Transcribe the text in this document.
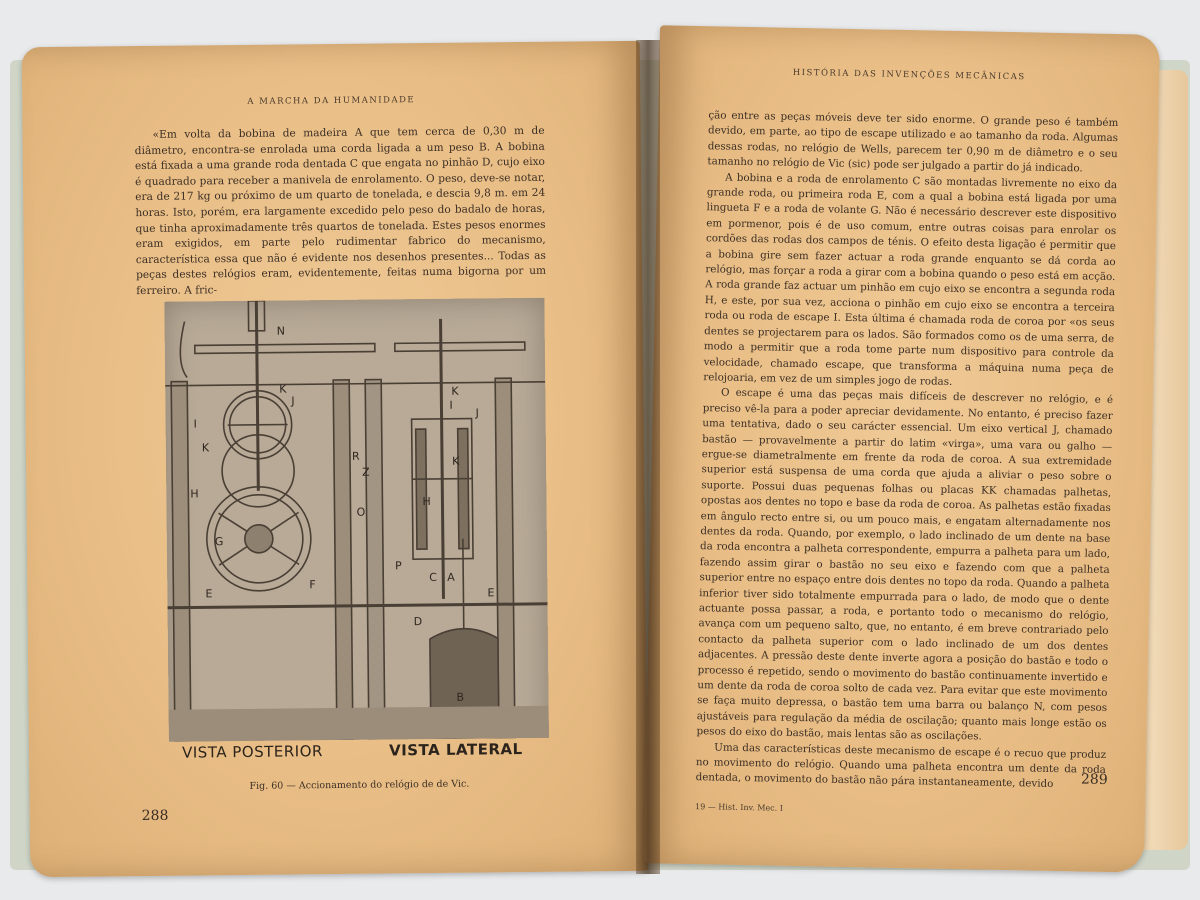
A MARCHA DA HUMANIDADE

«Em volta da bobina de madeira A que tem cerca de 0,30 m de diâmetro, encontra-se enrolada uma corda ligada a um peso B. A bobina está fixada a uma grande roda dentada C que engata no pinhão D, cujo eixo é quadrado para receber a manivela de enrolamento. O peso, deve-se notar, era de 217 kg ou próximo de um quarto de tonelada, e descia 9,8 m. em 24 horas. Isto, porém, era largamente excedido pelo peso do badalo de horas, que tinha aproximadamente três quartos de tonelada. Estes pesos enormes eram exigidos, em parte pelo rudimentar fabrico do mecanismo, característica essa que não é evidente nos desenhos presentes... Todas as peças destes relógios eram, evidentemente, feitas numa bigorna por um ferreiro. A fric-

N
K
J
I
K
R
Z
H
G
O
E
F
K
H
P
C A
D
B
E
K
J
I
VISTA POSTERIOR	VISTA LATERAL
Fig. 60 — Accionamento do relógio de de Vic.
288
HISTÓRIA DAS INVENÇÕES MECÂNICAS

ção entre as peças móveis deve ter sido enorme. O grande peso é também devido, em parte, ao tipo de escape utilizado e ao tamanho da roda. Algumas dessas rodas, no relógio de Wells, parecem ter 0,90 m de diâmetro e o seu tamanho no relógio de Vic (sic) pode ser julgado a partir do já indicado.

A bobina e a roda de enrolamento C são montadas livremente no eixo da grande roda, ou primeira roda E, com a qual a bobina está ligada por uma lingueta F e a roda de volante G. Não é necessário descrever este dispositivo em pormenor, pois é de uso comum, entre outras coisas para enrolar os cordões das rodas dos campos de ténis. O efeito desta ligação é permitir que a bobina gire sem fazer actuar a roda grande enquanto se dá corda ao relógio, mas forçar a roda a girar com a bobina quando o peso está em acção. A roda grande faz actuar um pinhão em cujo eixo se encontra a segunda roda H, e este, por sua vez, acciona o pinhão em cujo eixo se encontra a terceira roda ou roda de escape I. Esta última é chamada roda de coroa por «os seus dentes se projectarem para os lados. São formados como os de uma serra, de modo a permitir que a roda tome parte num dispositivo para controle da velocidade, chamado escape, que transforma a máquina numa peça de relojoaria, em vez de um simples jogo de rodas.

O escape é uma das peças mais difíceis de descrever no relógio, e é preciso vê-la para a poder apreciar devidamente. No entanto, é preciso fazer uma tentativa, dado o seu carácter essencial. Um eixo vertical J, chamado bastão — provavelmente a partir do latim «virga», uma vara ou galho — ergue-se diametralmente em frente da roda de coroa. A sua extremidade superior está suspensa de uma corda que ajuda a aliviar o peso sobre o suporte. Possui duas pequenas folhas ou placas KK chamadas palhetas, opostas aos dentes no topo e base da roda de coroa. As palhetas estão fixadas em ângulo recto entre si, ou um pouco mais, e engatam alternadamente nos dentes da roda. Quando, por exemplo, o lado inclinado de um dente na base da roda encontra a palheta correspondente, empurra a palheta para um lado, fazendo assim girar o bastão no seu eixo e fazendo com que a palheta superior entre no espaço entre dois dentes no topo da roda. Quando a palheta inferior tiver sido totalmente empurrada para o lado, de modo que o dente actuante possa passar, a roda, e portanto todo o mecanismo do relógio, avança com um pequeno salto, que, no entanto, é em breve contrariado pelo contacto da palheta superior com o lado inclinado de um dos dentes adjacentes. A pressão deste dente inverte agora a posição do bastão e todo o processo é repetido, sendo o movimento do bastão continuamente invertido e um dente da roda de coroa solto de cada vez. Para evitar que este movimento se faça muito depressa, o bastão tem uma barra ou balanço N, com pesos ajustáveis para regulação da média de oscilação; quanto mais longe estão os pesos do eixo do bastão, mais lentas são as oscilações.

Uma das características deste mecanismo de escape é o recuo que produz no movimento do relógio. Quando uma palheta encontra um dente da roda dentada, o movimento do bastão não pára instantaneamente, devido	289
19 — Hist. Inv. Mec. I
